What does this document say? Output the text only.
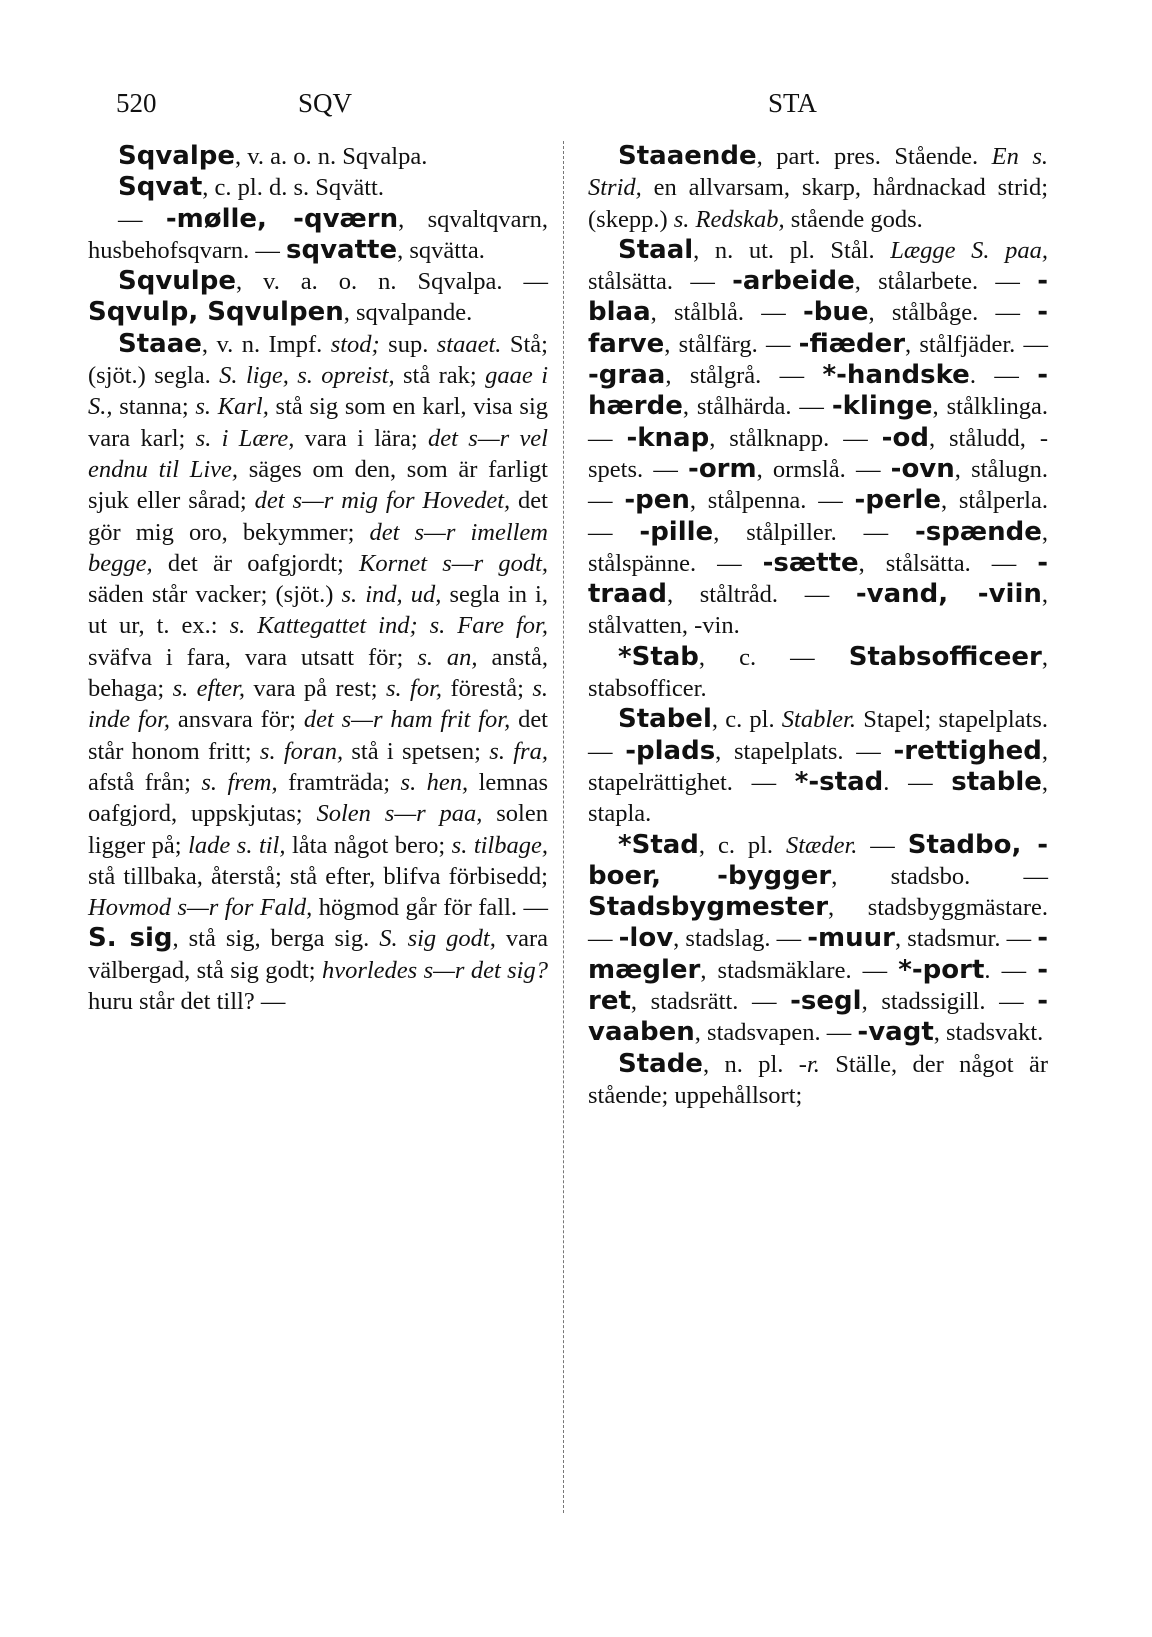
520	SQV	STA

Sqvalpe, v. a. o. n. Sqvalpa.

Sqvat, c. pl. d. s. Sqvätt.

— -mølle, -qværn, sqvaltqvarn, husbehofsqvarn. — sqvatte, sqvätta.

Sqvulpe, v. a. o. n. Sqvalpa. — Sqvulp, Sqvulpen, sqvalpande.

Staae, v. n. Impf. stod; sup. staaet. Stå; (sjöt.) segla. S. lige, s. opreist, stå rak; gaae i S., stanna; s. Karl, stå sig som en karl, visa sig vara karl; s. i Lære, vara i lära; det s—r vel endnu til Live, säges om den, som är farligt sjuk eller sårad; det s—r mig for Hovedet, det gör mig oro, bekymmer; det s—r imellem begge, det är oafgjordt; Kornet s—r godt, säden står vacker; (sjöt.) s. ind, ud, segla in i, ut ur, t. ex.: s. Kattegattet ind; s. Fare for, sväfva i fara, vara utsatt för; s. an, anstå, behaga; s. efter, vara på rest; s. for, förestå; s. inde for, ansvara för; det s—r ham frit for, det står honom fritt; s. foran, stå i spetsen; s. fra, afstå från; s. frem, framträda; s. hen, lemnas oafgjord, uppskjutas; Solen s—r paa, solen ligger på; lade s. til, låta något bero; s. tilbage, stå tillbaka, återstå; stå efter, blifva förbisedd; Hovmod s—r for Fald, högmod går för fall. — S. sig, stå sig, berga sig. S. sig godt, vara välbergad, stå sig godt; hvorledes s—r det sig? huru står det till? —

Staaende, part. pres. Stående. En s. Strid, en allvarsam, skarp, hårdnackad strid; (skepp.) s. Redskab, stående gods.

Staal, n. ut. pl. Stål. Lægge S. paa, stålsätta. — -arbeide, stålarbete. — -blaa, stålblå. — -bue, stålbåge. — -farve, stålfärg. — -fiæder, stålfjäder. — -graa, stålgrå. — *-handske. — -hærde, stålhärda. — -klinge, stålklinga. — -knap, stålknapp. — -od, ståludd, -spets. — -orm, ormslå. — -ovn, stålugn. — -pen, stålpenna. — -perle, stålperla. — -pille, stålpiller. — -spænde, stålspänne. — -sætte, stålsätta. — -traad, ståltråd. — -vand, -viin, stålvatten, -vin.

*Stab, c. — Stabsofficeer, stabsofficer.

Stabel, c. pl. Stabler. Stapel; stapelplats. — -plads, stapelplats. — -rettighed, stapelrättighet. — *-stad. — stable, stapla.

*Stad, c. pl. Stæder. — Stadbo, -boer, -bygger, stadsbo. — Stadsbygmester, stadsbyggmästare. — -lov, stadslag. — -muur, stadsmur. — -mægler, stadsmäklare. — *-port. — -ret, stadsrätt. — -segl, stadssigill. — -vaaben, stadsvapen. — -vagt, stadsvakt.

Stade, n. pl. -r. Ställe, der något är stående; uppehållsort;
